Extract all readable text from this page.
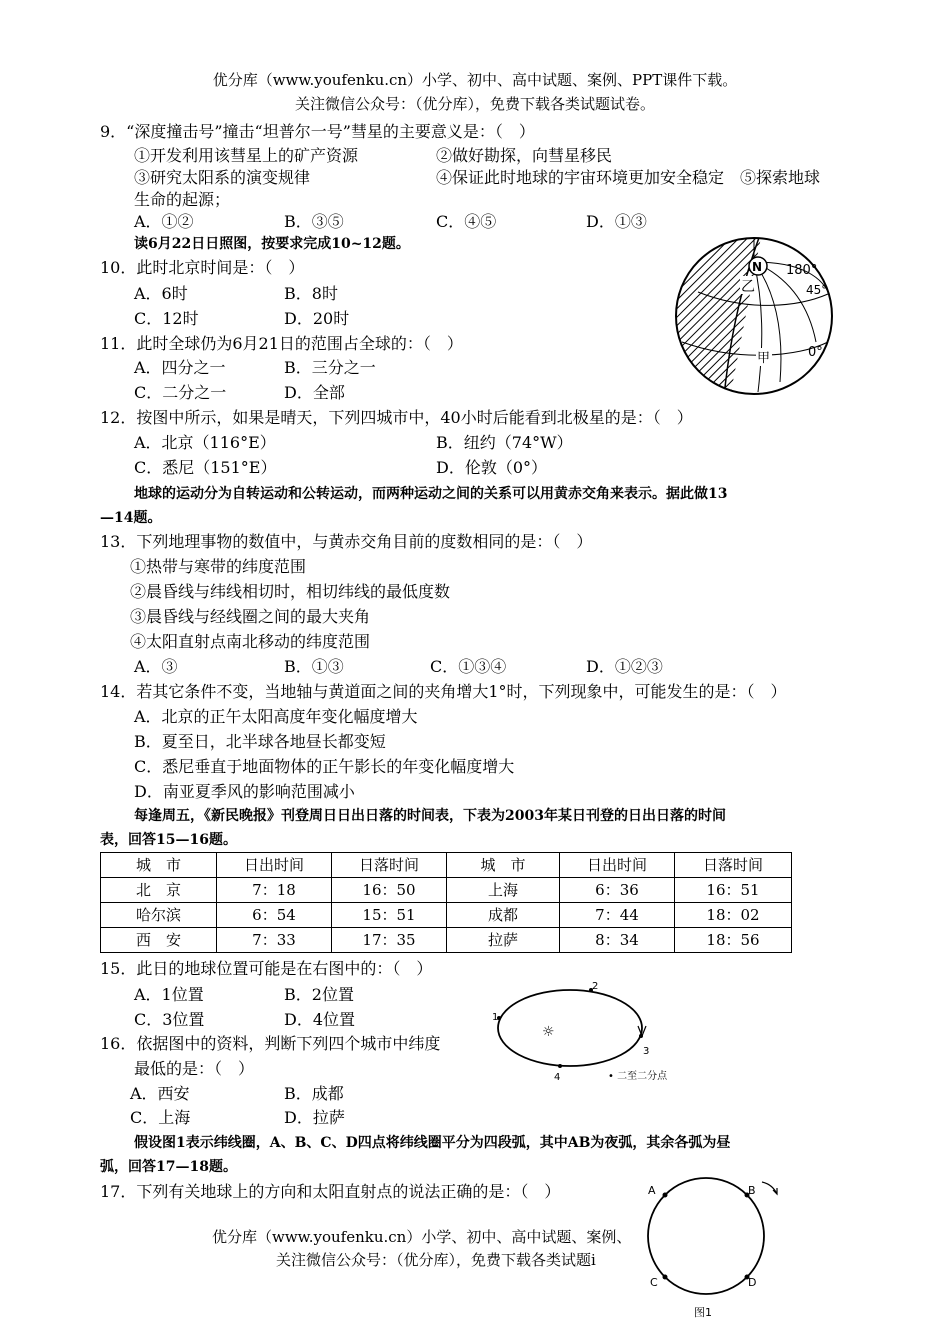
优分库（www.youfenku.cn）小学、初中、高中试题、案例、PPT课件下载。
关注微信公众号：（优分库），免费下载各类试题试卷。
9．“深度撞击号”撞击“坦普尔一号”彗星的主要意义是：（　）
①开发利用该彗星上的矿产资源	②做好勘探，向彗星移民
③研究太阳系的演变规律	④保证此时地球的宇宙环境更加安全稳定　⑤探索地球
生命的起源；
A．①②	B．③⑤	C．④⑤	D．①③
读6月22日日照图，按要求完成10~12题。
10．此时北京时间是：（　）
A．6时	B．8时
C．12时	D．20时
11．此时全球仍为6月21日的范围占全球的：（　）
A．四分之一	B．三分之一
C．二分之一	D．全部
N 180°
45°
0°
乙
甲
12．按图中所示，如果是晴天，下列四城市中，40小时后能看到北极星的是：（　）
A．北京（116°E）	B．纽约（74°W）
C．悉尼（151°E）	D．伦敦（0°）
地球的运动分为自转运动和公转运动，而两种运动之间的关系可以用黄赤交角来表示。据此做13
—14题。
13．下列地理事物的数值中，与黄赤交角目前的度数相同的是：（　）
①热带与寒带的纬度范围
②晨昏线与纬线相切时，相切纬线的最低度数
③晨昏线与经线圈之间的最大夹角
④太阳直射点南北移动的纬度范围
A．③	B．①③	C．①③④	D．①②③
14．若其它条件不变，当地轴与黄道面之间的夹角增大1°时，下列现象中，可能发生的是：（　）
A．北京的正午太阳高度年变化幅度增大
B．夏至日，北半球各地昼长都变短
C．悉尼垂直于地面物体的正午影长的年变化幅度增大
D．南亚夏季风的影响范围减小
每逢周五，《新民晚报》刊登周日日出日落的时间表，下表为2003年某日刊登的日出日落的时间
表，回答15—16题。
城　市	日出时间	日落时间	城　市	日出时间	日落时间
北　京	7：18	16：50	上海	6：36	16：51
哈尔滨	6：54	15：51	成都	7：44	18：02
西　安	7：33	17：35	拉萨	8：34	18：56
15．此日的地球位置可能是在右图中的：（　）
A．1位置	B．2位置
C．3位置	D．4位置
☼
1
2
3
4	• 二至二分点
16．依据图中的资料，判断下列四个城市中纬度
最低的是：（　）
A．西安	B．成都
C．上海	D．拉萨
假设图1表示纬线圈，A、B、C、D四点将纬线圈平分为四段弧，其中AB为夜弧，其余各弧为昼
弧，回答17—18题。
17．下列有关地球上的方向和太阳直射点的说法正确的是：（　）
优分库（www.youfenku.cn）小学、初中、高中试题、案例、
关注微信公众号：（优分库），免费下载各类试题i
A	B
C	D
图1
